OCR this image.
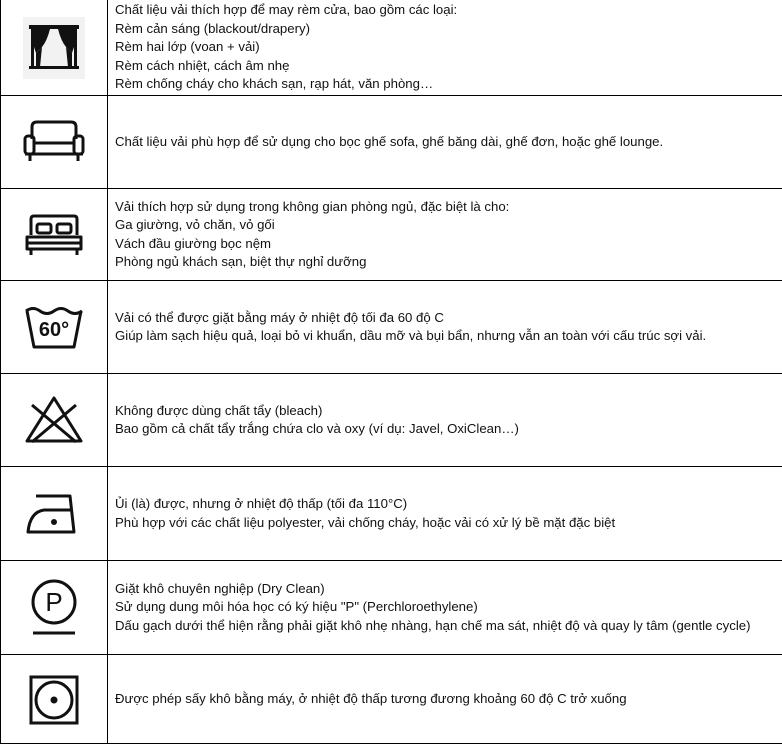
Chất liệu vải thích hợp để may rèm cửa, bao gồm các loại:
Rèm cản sáng (blackout/drapery)
Rèm hai lớp (voan + vải)
Rèm cách nhiệt, cách âm nhẹ
Rèm chống cháy cho khách sạn, rạp hát, văn phòng…
Chất liệu vải phù hợp để sử dụng cho bọc ghế sofa, ghế băng dài, ghế đơn, hoặc ghế lounge.
Vải thích hợp sử dụng trong không gian phòng ngủ, đặc biệt là cho:
Ga giường, vỏ chăn, vỏ gối
Vách đầu giường bọc nệm
Phòng ngủ khách sạn, biệt thự nghỉ dưỡng
60°
Vải có thể được giặt bằng máy ở nhiệt độ tối đa 60 độ C
Giúp làm sạch hiệu quả, loại bỏ vi khuẩn, dầu mỡ và bụi bẩn, nhưng vẫn an toàn với cấu trúc sợi vải.
Không được dùng chất tẩy (bleach)
Bao gồm cả chất tẩy trắng chứa clo và oxy (ví dụ: Javel, OxiClean…)
Ủi (là) được, nhưng ở nhiệt độ thấp (tối đa 110°C)
Phù hợp với các chất liệu polyester, vải chống cháy, hoặc vải có xử lý bề mặt đặc biệt
P	Giặt khô chuyên nghiệp (Dry Clean)
Sử dụng dung môi hóa học có ký hiệu "P" (Perchloroethylene)
Dấu gạch dưới thể hiện rằng phải giặt khô nhẹ nhàng, hạn chế ma sát, nhiệt độ và quay ly tâm (gentle cycle)
Được phép sấy khô bằng máy, ở nhiệt độ thấp tương đương khoảng 60 độ C trở xuống
